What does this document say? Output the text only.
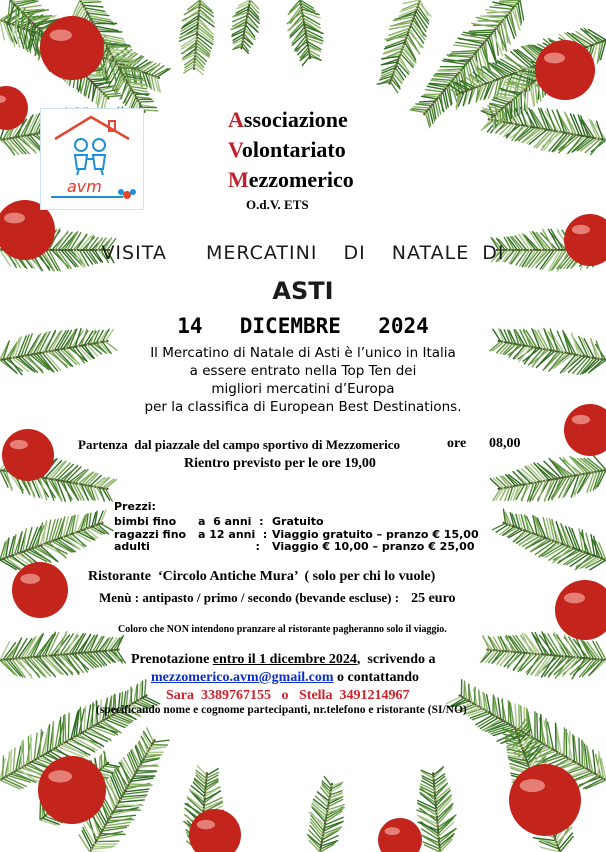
avm
Associazione
Volontariato
Mezzomerico
O.d.V. ETS
VISITA   MERCATINI  DI  NATALE DI
ASTI
14  DICEMBRE  2024
Il Mercatino di Natale di Asti è l’unico in Italia
a essere entrato nella Top Ten dei
migliori mercatini d’Europa
per la classifica di European Best Destinations.
Partenza  dal piazzale del campo sportivo di Mezzomerico	ore 08,00
Rientro previsto per le ore 19,00
Prezzi:
bimbi fino a  6 anni  : Gratuito
ragazzi fino a 12 anni  : Viaggio gratuito – pranzo € 15,00
adulti	: Viaggio € 10,00 – pranzo € 25,00
Ristorante  ‘Circolo Antiche Mura’  ( solo per chi lo vuole)
Menù : antipasto / primo / secondo (bevande escluse) : 25 euro
Coloro che NON intendono pranzare al ristorante pagheranno solo il viaggio.
Prenotazione entro il 1 dicembre 2024,  scrivendo a
mezzomerico.avm@gmail.com o contattando
Sara  3389767155   o   Stella  3491214967
(specificando nome e cognome partecipanti, nr.telefono e ristorante (SI/NO)
